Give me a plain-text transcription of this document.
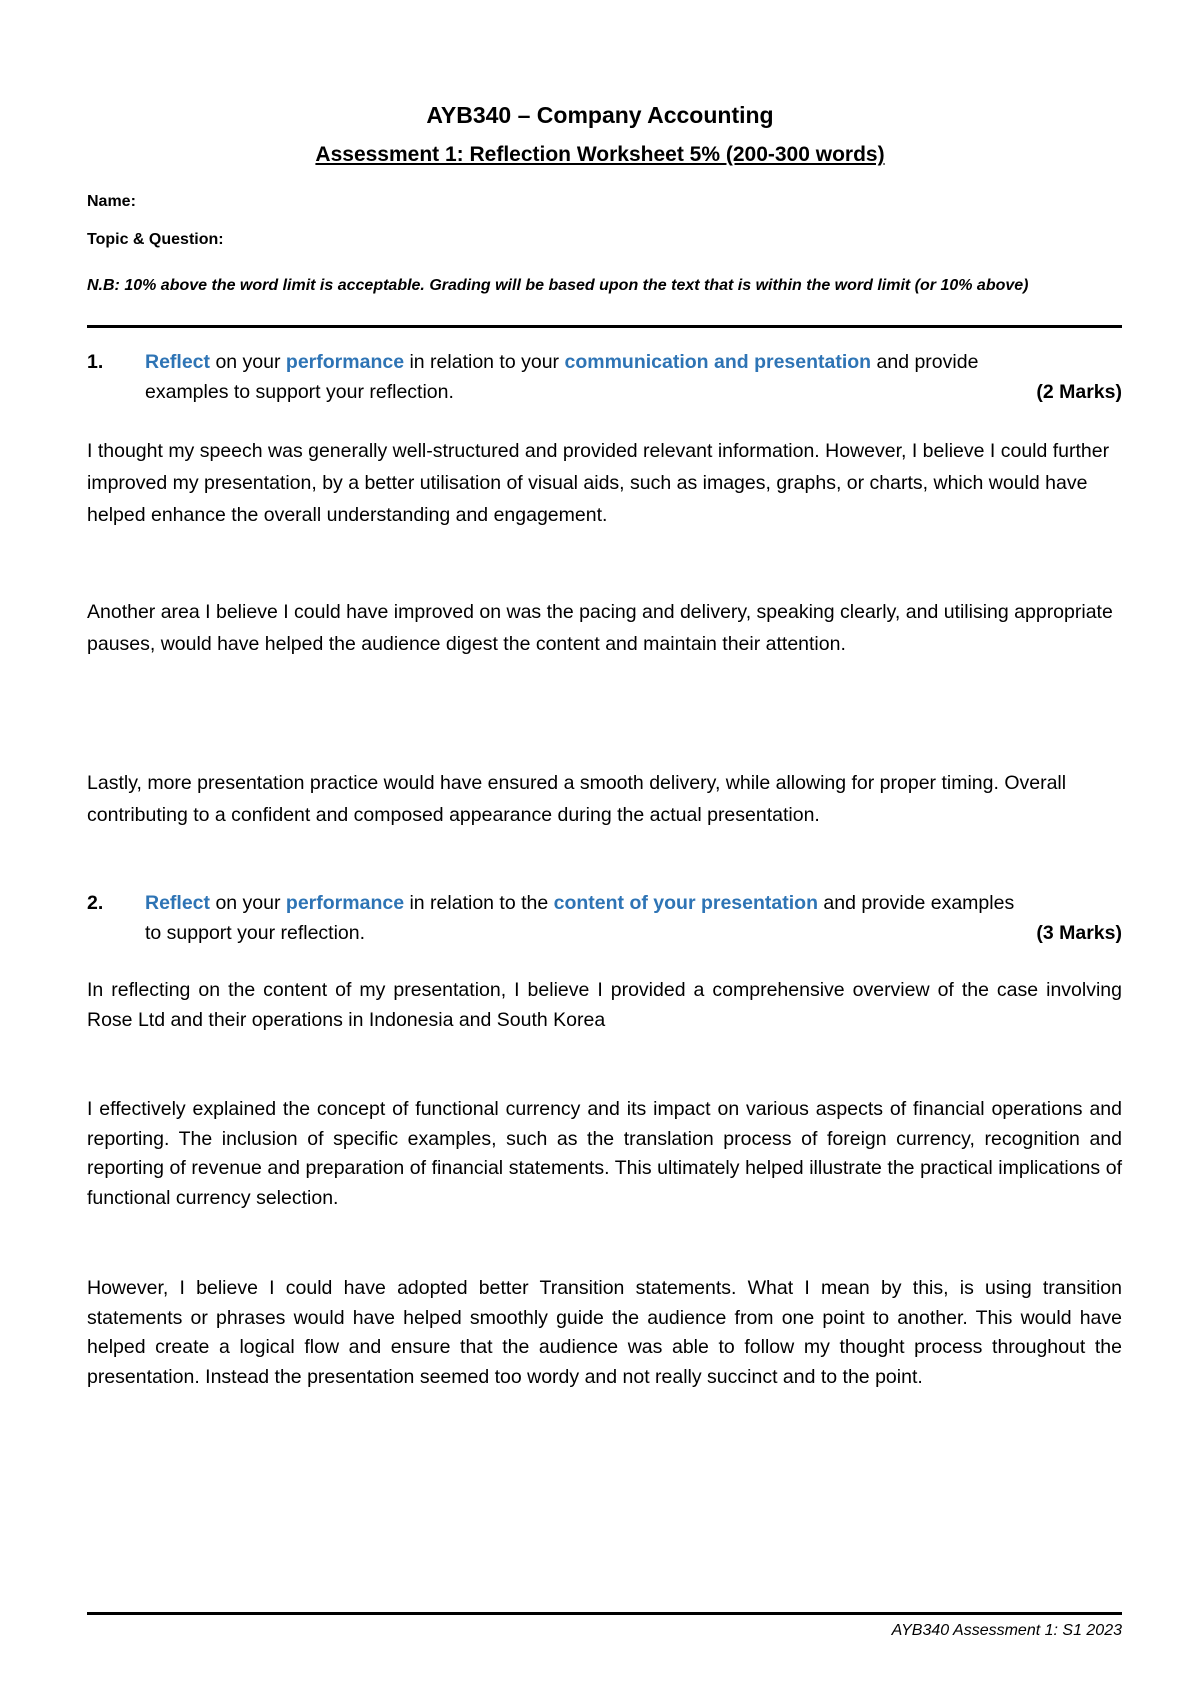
AYB340 – Company Accounting
Assessment 1: Reflection Worksheet 5% (200-300 words)

Name:

Topic & Question:

N.B: 10% above the word limit is acceptable. Grading will be based upon the text that is within the word limit (or 10% above)

1. Reflect on your performance in relation to your communication and presentation and provide
examples to support your reflection.	(2 Marks)

I thought my speech was generally well-structured and provided relevant information. However, I believe I could further improved my presentation, by a better utilisation of visual aids, such as images, graphs, or charts, which would have helped enhance the overall understanding and engagement.

Another area I believe I could have improved on was the pacing and delivery, speaking clearly, and utilising appropriate pauses, would have helped the audience digest the content and maintain their attention.

Lastly, more presentation practice would have ensured a smooth delivery, while allowing for proper timing. Overall contributing to a confident and composed appearance during the actual presentation.

2. Reflect on your performance in relation to the content of your presentation and provide examples
to support your reflection.	(3 Marks)

In reflecting on the content of my presentation, I believe I provided a comprehensive overview of the case involving Rose Ltd and their operations in Indonesia and South Korea

I effectively explained the concept of functional currency and its impact on various aspects of financial operations and reporting. The inclusion of specific examples, such as the translation process of foreign currency, recognition and reporting of revenue and preparation of financial statements. This ultimately helped illustrate the practical implications of functional currency selection.

However, I believe I could have adopted better Transition statements. What I mean by this, is using transition statements or phrases would have helped smoothly guide the audience from one point to another. This would have helped create a logical flow and ensure that the audience was able to follow my thought process throughout the presentation. Instead the presentation seemed too wordy and not really succinct and to the point.

AYB340 Assessment 1: S1 2023
